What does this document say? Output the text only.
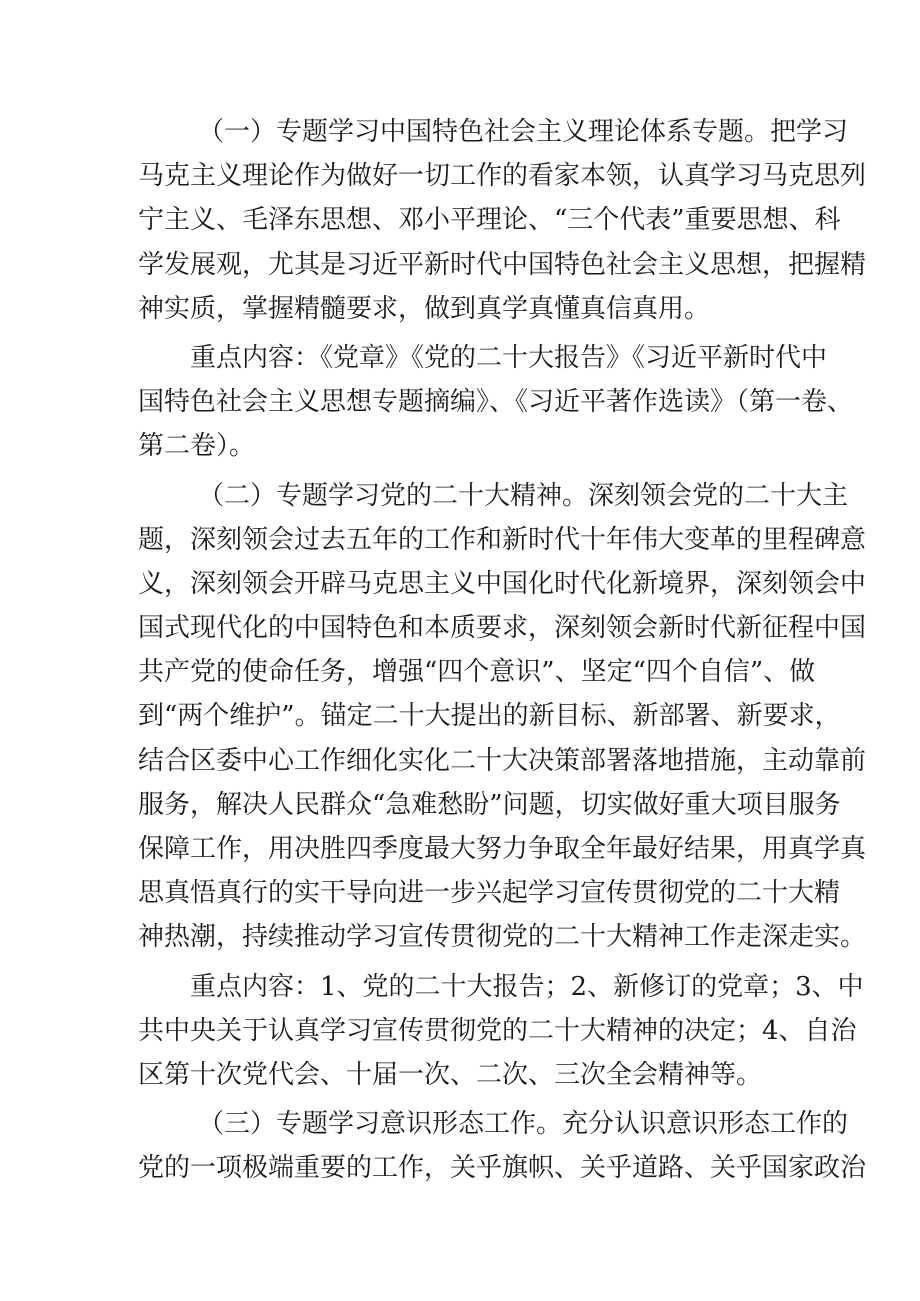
（一）专题学习中国特色社会主义理论体系专题。把学习
马克主义理论作为做好一切工作的看家本领，认真学习马克思列
宁主义、毛泽东思想、邓小平理论、“三个代表”重要思想、科
学发展观，尤其是习近平新时代中国特色社会主义思想，把握精
神实质，掌握精髓要求，做到真学真懂真信真用。

重点内容：《党章》《党的二十大报告》《习近平新时代中
国特色社会主义思想专题摘编》、《习近平著作选读》（第一卷、
第二卷）。

（二）专题学习党的二十大精神。深刻领会党的二十大主
题，深刻领会过去五年的工作和新时代十年伟大变革的里程碑意
义，深刻领会开辟马克思主义中国化时代化新境界，深刻领会中
国式现代化的中国特色和本质要求，深刻领会新时代新征程中国
共产党的使命任务，增强“四个意识”、坚定“四个自信”、做
到“两个维护”。锚定二十大提出的新目标、新部署、新要求，
结合区委中心工作细化实化二十大决策部署落地措施，主动靠前
服务，解决人民群众“急难愁盼”问题，切实做好重大项目服务
保障工作，用决胜四季度最大努力争取全年最好结果，用真学真
思真悟真行的实干导向进一步兴起学习宣传贯彻党的二十大精
神热潮，持续推动学习宣传贯彻党的二十大精神工作走深走实。

重点内容：1、党的二十大报告；2、新修订的党章；3、中
共中央关于认真学习宣传贯彻党的二十大精神的决定；4、自治
区第十次党代会、十届一次、二次、三次全会精神等。

（三）专题学习意识形态工作。充分认识意识形态工作的
党的一项极端重要的工作，关乎旗帜、关乎道路、关乎国家政治
